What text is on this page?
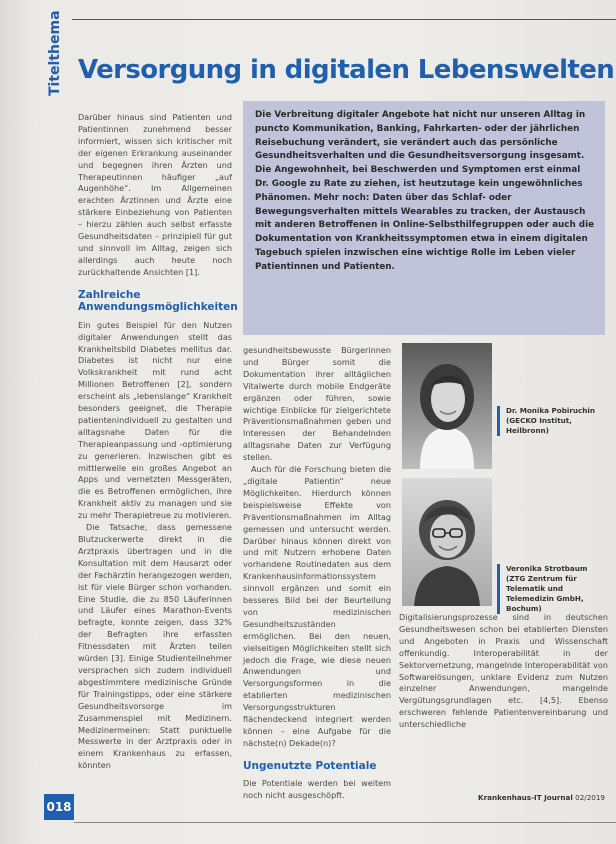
Titelthema Versorgung in digitalen Lebenswelten

Darüber hinaus sind Patienten und Patientinnen zunehmend besser informiert, wissen sich kritischer mit der eigenen Erkrankung auseinander und begegnen ihren Ärzten und Therapeutinnen häufiger „auf Augenhöhe“. Im Allgemeinen erachten Ärztinnen und Ärzte eine stärkere Einbeziehung von Patienten – hierzu zählen auch selbst erfasste Gesundheitsdaten – prinzipiell für gut und sinnvoll im Alltag, zeigen sich allerdings auch heute noch zurückhaltende Ansichten [1].

Zahlreiche Anwendungsmöglichkeiten

Ein gutes Beispiel für den Nutzen digitaler Anwendungen stellt das Krankheitsbild Diabetes mellitus dar. Diabetes ist nicht nur eine Volkskrankheit mit rund acht Millionen Betroffenen [2], sondern erscheint als „lebenslange“ Krankheit besonders geeignet, die Therapie patientenindividuell zu gestalten und alltagsnahe Daten für die Therapieanpassung und -optimierung zu generieren. Inzwischen gibt es mittlerweile ein großes Angebot an Apps und vernetzten Messgeräten, die es Betroffenen ermöglichen, ihre Krankheit aktiv zu managen und sie zu mehr Therapietreue zu motivieren.

Die Tatsache, dass gemessene Blutzuckerwerte direkt in die Arztpraxis übertragen und in die Konsultation mit dem Hausarzt oder der Fachärztin herangezogen werden, ist für viele Bürger schon vorhanden. Eine Studie, die zu 850 Läuferinnen und Läufer eines Marathon-Events befragte, konnte zeigen, dass 32% der Befragten ihre erfassten Fitnessdaten mit Ärzten teilen würden [3]. Einige Studienteilnehmer versprachen sich zudem individuell abgestimmtere medizinische Gründe für Trainingstipps, oder eine stärkere Gesundheitsvorsorge im Zusammenspiel mit Medizinern. Medizinermeinen: Statt punktuelle Messwerte in der Arztpraxis oder in einem Krankenhaus zu erfassen, könnten

Die Verbreitung digitaler Angebote hat nicht nur unseren Alltag in puncto Kommunikation, Banking, Fahrkarten- oder der jährlichen Reisebuchung verändert, sie verändert auch das persönliche Gesundheitsverhalten und die Gesundheitsversorgung insgesamt. Die Angewohnheit, bei Beschwerden und Symptomen erst einmal Dr. Google zu Rate zu ziehen, ist heutzutage kein ungewöhnliches Phänomen. Mehr noch: Daten über das Schlaf- oder Bewegungsverhalten mittels Wearables zu tracken, der Austausch mit anderen Betroffenen in Online-Selbsthilfegruppen oder auch die Dokumentation von Krankheitssymptomen etwa in einem digitalen Tagebuch spielen inzwischen eine wichtige Rolle im Leben vieler Patientinnen und Patienten.

gesundheitsbewusste Bürgerinnen und Bürger somit die Dokumentation ihrer alltäglichen Vitalwerte durch mobile Endgeräte ergänzen oder führen, sowie wichtige Einblicke für zielgerichtete Präventionsmaßnahmen geben und Interessen der Behandelnden alltagsnahe Daten zur Verfügung stellen.

Auch für die Forschung bieten die „digitale Patientin“ neue Möglichkeiten. Hierdurch können beispielsweise Effekte von Präventionsmaßnahmen im Alltag gemessen und untersucht werden. Darüber hinaus können direkt von und mit Nutzern erhobene Daten vorhandene Routinedaten aus dem Krankenhausinformationssystem sinnvoll ergänzen und somit ein besseres Bild bei der Beurteilung von medizinischen Gesundheitszuständen ermöglichen. Bei den neuen, vielseitigen Möglichkeiten stellt sich jedoch die Frage, wie diese neuen Anwendungen und Versorgungsformen in die etablierten medizinischen Versorgungsstrukturen flächendeckend integriert werden können – eine Aufgabe für die nächste(n) Dekade(n)?

Ungenutzte Potentiale

Die Potentiale werden bei weitem noch nicht ausgeschöpft.

Dr. Monika Pobiruchin (GECKO Institut, Heilbronn)
Veronika Strotbaum (ZTG Zentrum für Telematik und Telemedizin GmbH, Bochum)

Digitalisierungsprozesse sind in deutschen Gesundheitswesen schon bei etablierten Diensten und Angeboten in Praxis und Wissenschaft offenkundig. Interoperabilität in der Sektorvernetzung, mangelnde Interoperabilität von Softwarelösungen, unklare Evidenz zum Nutzen einzelner Anwendungen, mangelnde Vergütungsgrundlagen etc. [4,5]. Ebenso erschweren fehlende Patientenvereinbarung und unterschiedliche

018
Krankenhaus-IT Journal 02/2019
